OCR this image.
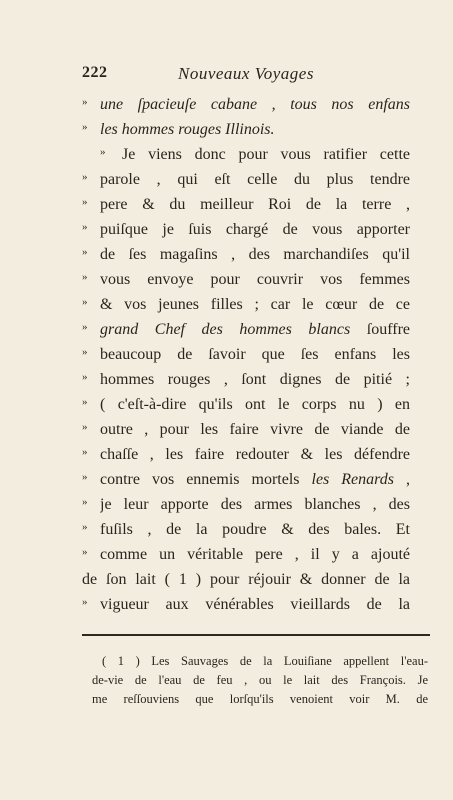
222	Nouveaux Voyages
» une ſpacieuſe cabane , tous nos enfans
» les hommes rouges Illinois.
» Je viens donc pour vous ratifier cette
» parole , qui eſt celle du plus tendre
» pere & du meilleur Roi de la terre ,
» puiſque je ſuis chargé de vous apporter
» de ſes magaſins , des marchandiſes qu'il
» vous envoye pour couvrir vos femmes
» & vos jeunes filles ; car le cœur de ce
» grand Chef des hommes blancs ſouffre
» beaucoup de ſavoir que ſes enfans les
» hommes rouges , ſont dignes de pitié ;
» ( c'eſt-à-dire qu'ils ont le corps nu ) en
» outre , pour les faire vivre de viande de
» chaſſe , les faire redouter & les défendre
» contre vos ennemis mortels les Renards ,
» je leur apporte des armes blanches , des
» fuſils , de la poudre & des bales. Et
» comme un véritable pere , il y a ajouté
de ſon lait ( 1 ) pour réjouir & donner de la
» vigueur aux vénérables vieillards de la
( 1 ) Les Sauvages de la Louiſiane appellent l'eau-
de-vie de l'eau de feu , ou le lait des François. Je
me reſſouviens que lorſqu'ils venoient voir M. de
